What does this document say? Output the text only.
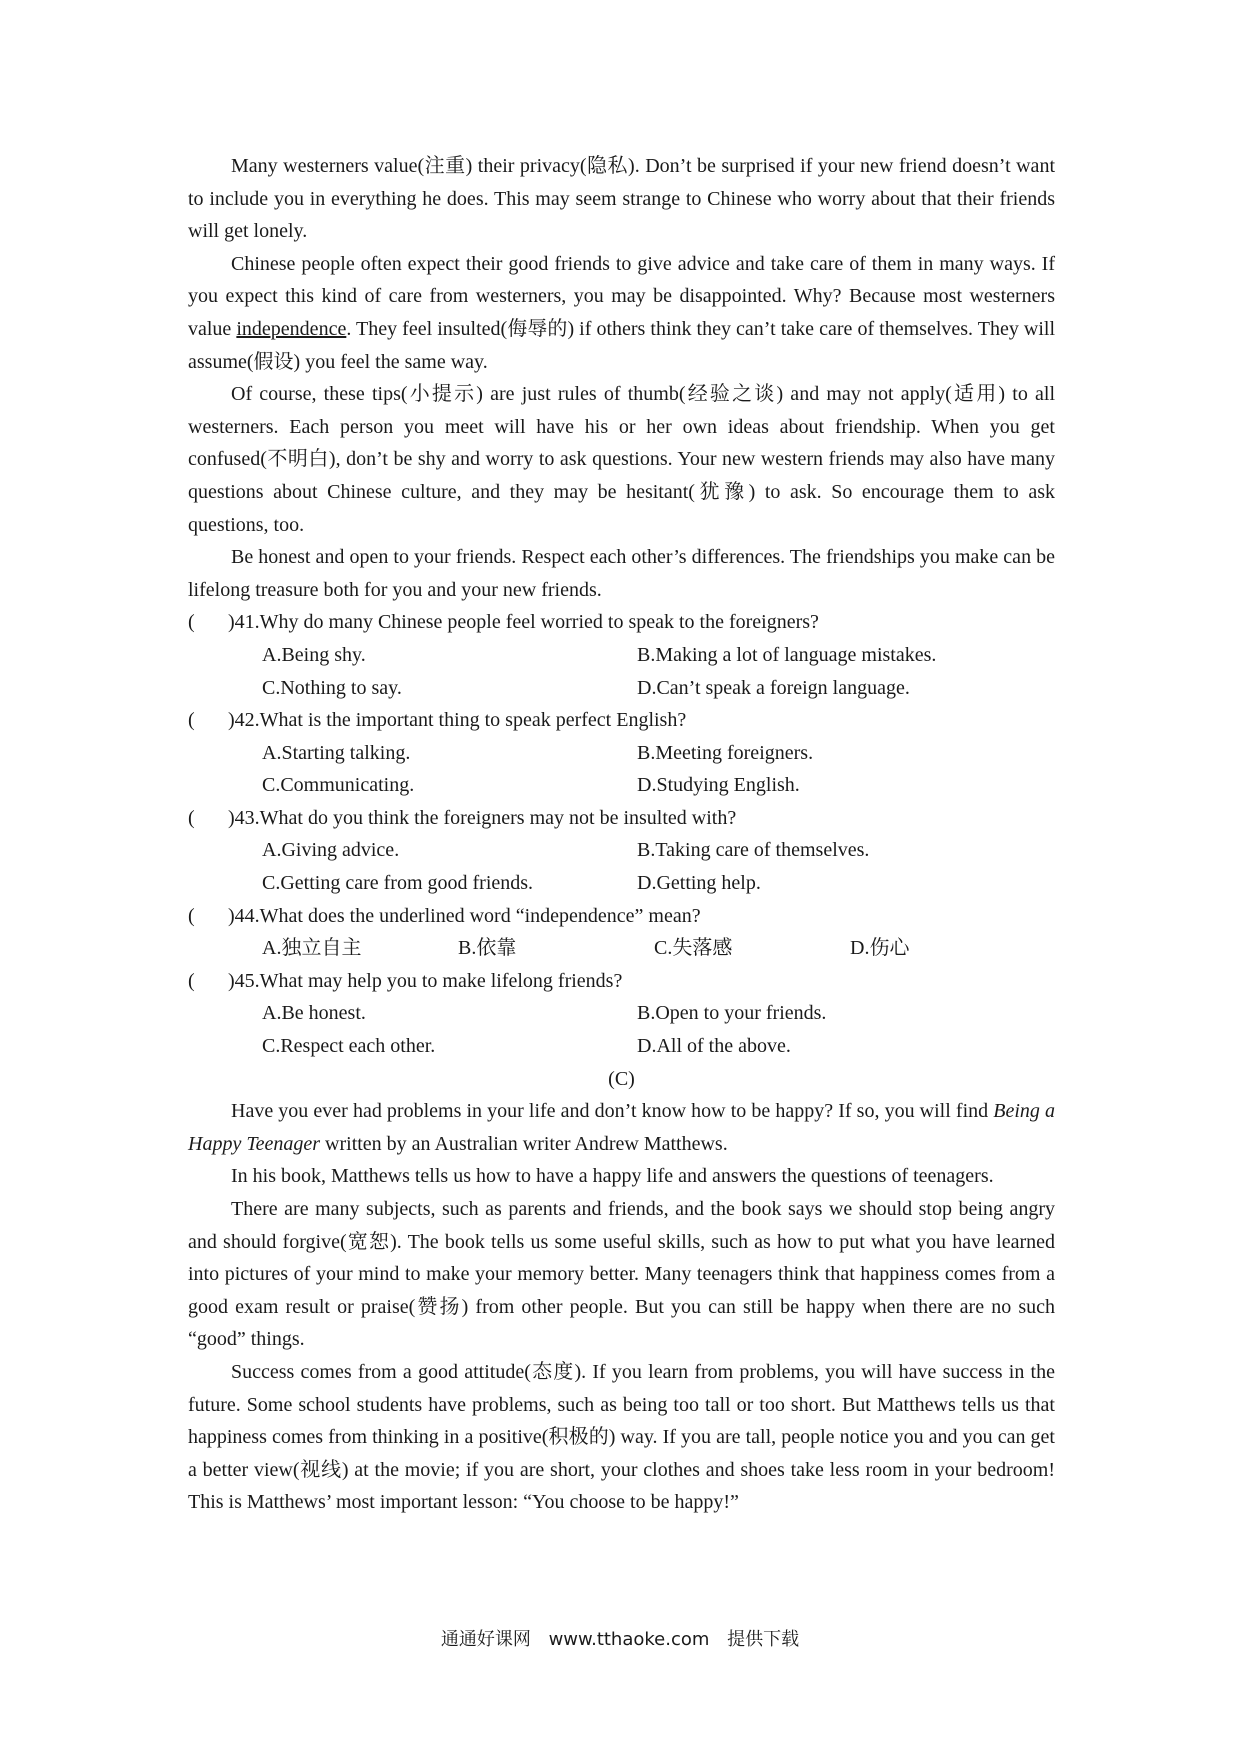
Many westerners value(注重) their privacy(隐私). Don’t be surprised if your new friend doesn’t want to include you in everything he does. This may seem strange to Chinese who worry about that their friends will get lonely.

Chinese people often expect their good friends to give advice and take care of them in many ways. If you expect this kind of care from westerners, you may be disappointed. Why? Because most westerners value independence. They feel insulted(侮辱的) if others think they can’t take care of themselves. They will assume(假设) you feel the same way.

Of course, these tips(小提示) are just rules of thumb(经验之谈) and may not apply(适用) to all westerners. Each person you meet will have his or her own ideas about friendship. When you get confused(不明白), don’t be shy and worry to ask questions. Your new western friends may also have many questions about Chinese culture, and they may be hesitant(犹豫) to ask. So encourage them to ask questions, too.

Be honest and open to your friends. Respect each other’s differences. The friendships you make can be lifelong treasure both for you and your new friends.

(	)41.Why do many Chinese people feel worried to speak to the foreigners?
A.Being shy.	B.Making a lot of language mistakes.
C.Nothing to say.	D.Can’t speak a foreign language.
(	)42.What is the important thing to speak perfect English?
A.Starting talking.	B.Meeting foreigners.
C.Communicating.	D.Studying English.
(	)43.What do you think the foreigners may not be insulted with?
A.Giving advice.	B.Taking care of themselves.
C.Getting care from good friends.	D.Getting help.
(	)44.What does the underlined word “independence” mean?
A.独立自主	B.依靠	C.失落感	D.伤心
(	)45.What may help you to make lifelong friends?
A.Be honest.	B.Open to your friends.
C.Respect each other.	D.All of the above.

(C)

Have you ever had problems in your life and don’t know how to be happy? If so, you will find Being a Happy Teenager written by an Australian writer Andrew Matthews.

In his book, Matthews tells us how to have a happy life and answers the questions of teenagers.

There are many subjects, such as parents and friends, and the book says we should stop being angry and should forgive(宽恕). The book tells us some useful skills, such as how to put what you have learned into pictures of your mind to make your memory better. Many teenagers think that happiness comes from a good exam result or praise(赞扬) from other people. But you can still be happy when there are no such “good” things.

Success comes from a good attitude(态度). If you learn from problems, you will have success in the future. Some school students have problems, such as being too tall or too short. But Matthews tells us that happiness comes from thinking in a positive(积极的) way. If you are tall, people notice you and you can get a better view(视线) at the movie; if you are short, your clothes and shoes take less room in your bedroom! This is Matthews’ most important lesson: “You choose to be happy!”

通通好课网 www.tthaoke.com 提供下载
